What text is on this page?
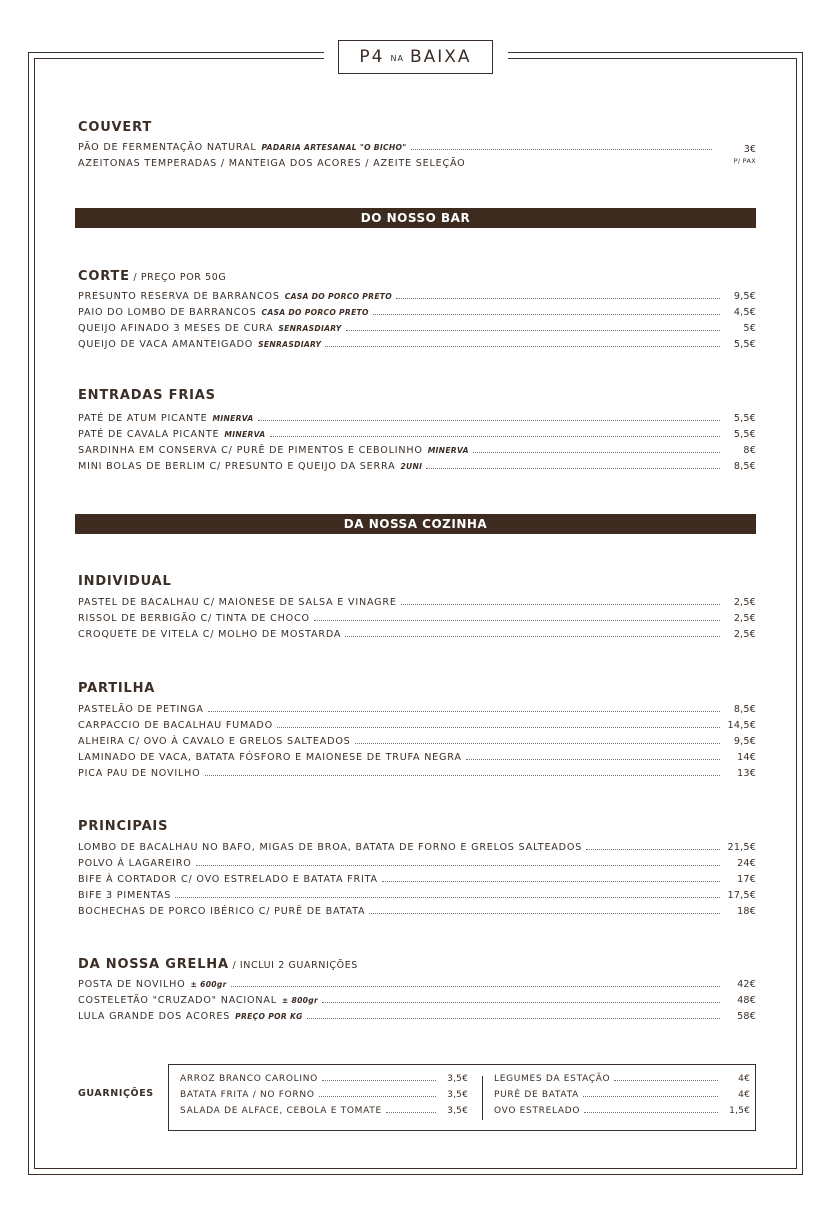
P4 NA BAIXA
COUVERT
PÃO DE FERMENTAÇÃO NATURAL PADARIA ARTESANAL "O BICHO"
AZEITONAS TEMPERADAS / MANTEIGA DOS ACORES / AZEITE SELEÇÃO
3€
P/ PAX
DO NOSSO BAR
CORTE / PREÇO POR 50G
PRESUNTO RESERVA DE BARRANCOS CASA DO PORCO PRETO	9,5€
PAIO DO LOMBO DE BARRANCOS CASA DO PORCO PRETO	4,5€
QUEIJO AFINADO 3 MESES DE CURA SENRASDIARY	5€
QUEIJO DE VACA AMANTEIGADO SENRASDIARY	5,5€
ENTRADAS FRIAS
PATÉ DE ATUM PICANTE MINERVA	5,5€
PATÉ DE CAVALA PICANTE MINERVA	5,5€
SARDINHA EM CONSERVA C/ PURÊ DE PIMENTOS E CEBOLINHO MINERVA	8€
MINI BOLAS DE BERLIM C/ PRESUNTO E QUEIJO DA SERRA 2UNI	8,5€
DA NOSSA COZINHA
INDIVIDUAL
PASTEL DE BACALHAU C/ MAIONESE DE SALSA E VINAGRE	2,5€
RISSOL DE BERBIGÃO C/ TINTA DE CHOCO	2,5€
CROQUETE DE VITELA C/ MOLHO DE MOSTARDA	2,5€
PARTILHA
PASTELÃO DE PETINGA	8,5€
CARPACCIO DE BACALHAU FUMADO	14,5€
ALHEIRA C/ OVO À CAVALO E GRELOS SALTEADOS	9,5€
LAMINADO DE VACA, BATATA FÓSFORO E MAIONESE DE TRUFA NEGRA	14€
PICA PAU DE NOVILHO	13€
PRINCIPAIS
LOMBO DE BACALHAU NO BAFO, MIGAS DE BROA, BATATA DE FORNO E GRELOS SALTEADOS	21,5€
POLVO À LAGAREIRO	24€
BIFE À CORTADOR C/ OVO ESTRELADO E BATATA FRITA	17€
BIFE 3 PIMENTAS	17,5€
BOCHECHAS DE PORCO IBÉRICO C/ PURÊ DE BATATA	18€
DA NOSSA GRELHA / INCLUI 2 GUARNIÇÕES
POSTA DE NOVILHO ± 600gr	42€
COSTELETÃO "CRUZADO" NACIONAL ± 800gr	48€
LULA GRANDE DOS ACORES PREÇO POR KG	58€
GUARNIÇÕES
ARROZ BRANCO CAROLINO	3,5€
BATATA FRITA / NO FORNO	3,5€
SALADA DE ALFACE, CEBOLA E TOMATE	3,5€
LEGUMES DA ESTAÇÃO	4€
PURÊ DE BATATA	4€
OVO ESTRELADO	1,5€
